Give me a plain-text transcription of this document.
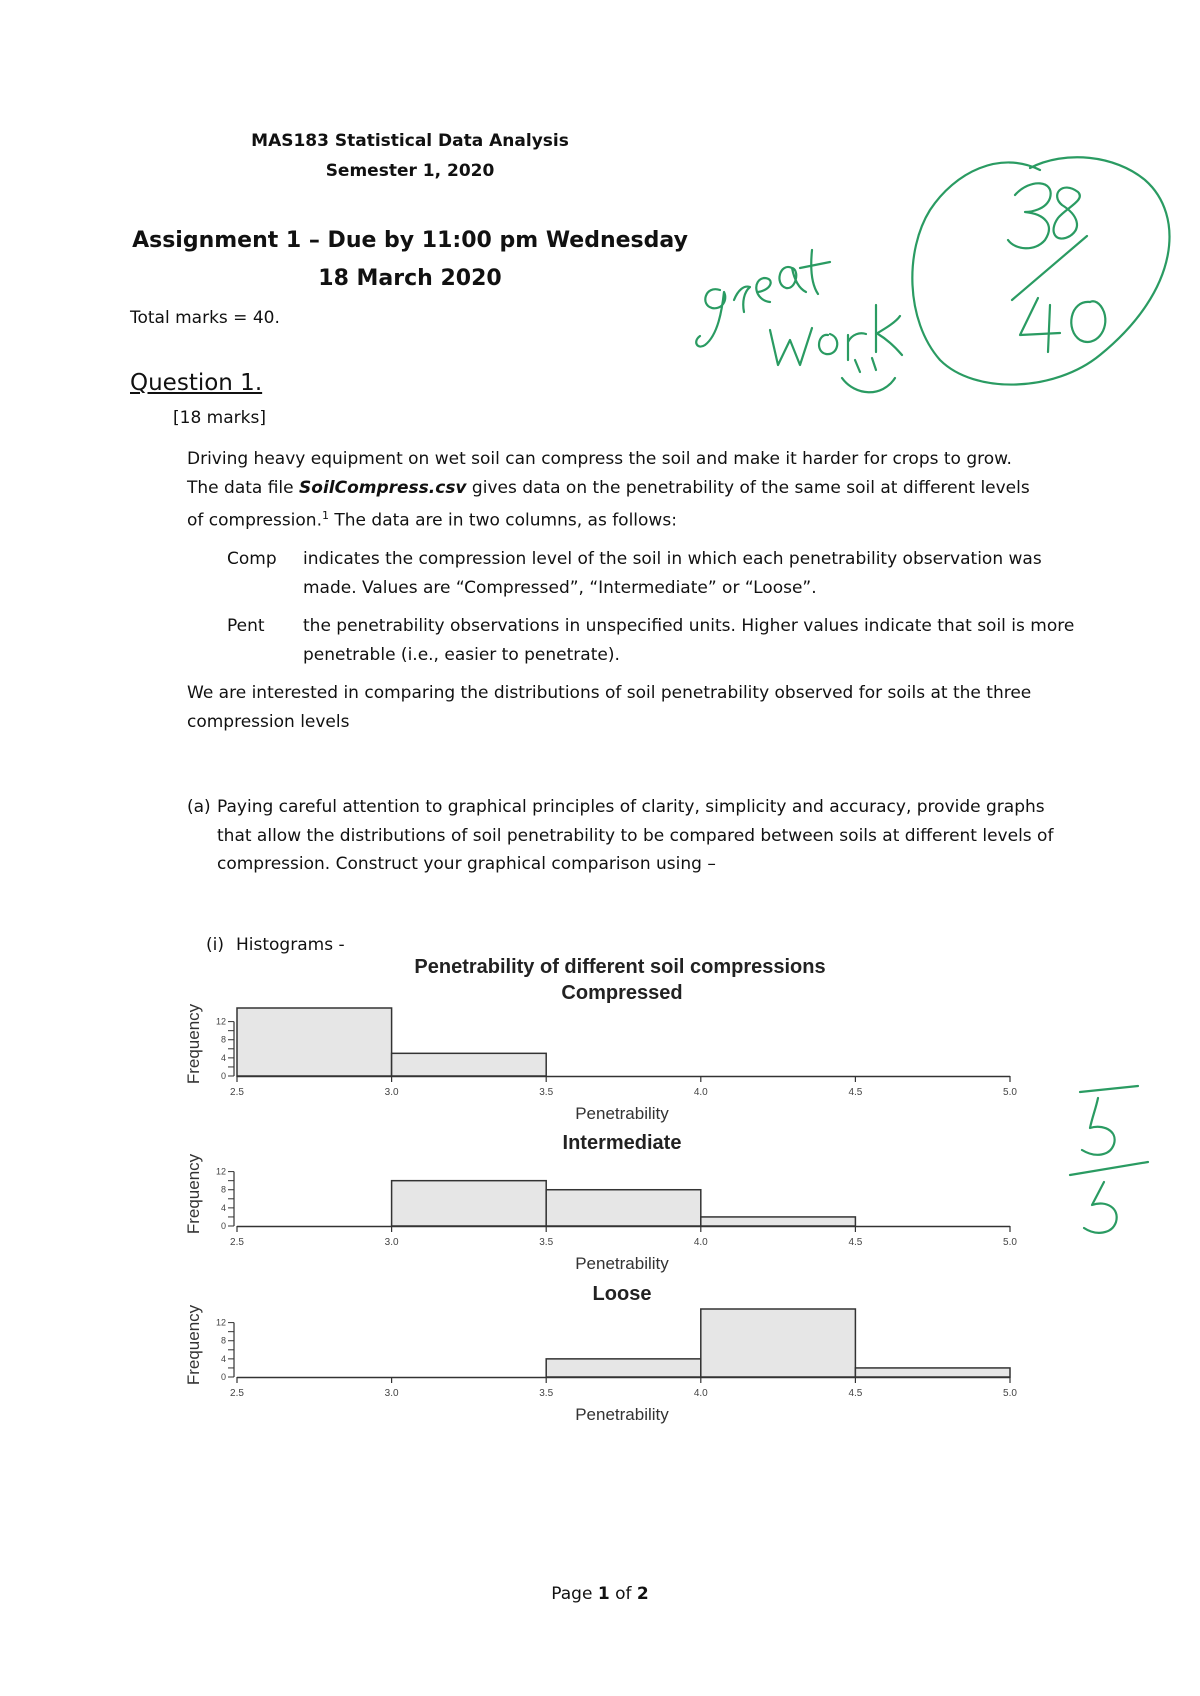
MAS183 Statistical Data Analysis
Semester 1, 2020
Assignment 1 – Due by 11:00 pm Wednesday
18 March 2020
Total marks = 40.
Question 1.
[18 marks]
Driving heavy equipment on wet soil can compress the soil and make it harder for crops to grow.
The data file SoilCompress.csv gives data on the penetrability of the same soil at different levels
of compression.$^1$ The data are in two columns, as follows:
Comp indicates the compression level of the soil in which each penetrability observation was made. Values are “Compressed”, “Intermediate” or “Loose”.
Pent the penetrability observations in unspecified units. Higher values indicate that soil is more penetrable (i.e., easier to penetrate).
We are interested in comparing the distributions of soil penetrability observed for soils at the three compression levels
(a) Paying careful attention to graphical principles of clarity, simplicity and accuracy, provide graphs that allow the distributions of soil penetrability to be compared between soils at different levels of compression. Construct your graphical comparison using –
(i) Histograms -
Penetrability of different soil compressions
Compressed
2.5	3.0	3.5	4.0	4.5	5.0
Penetrability
0
4
8
12
Frequency
Intermediate
2.5	3.0	3.5	4.0	4.5	5.0
Penetrability
0
4
8
12
Frequency
Loose
2.5	3.0	3.5	4.0	4.5	5.0
Penetrability
0
4
8
12
Frequency
Page 1 of 2
